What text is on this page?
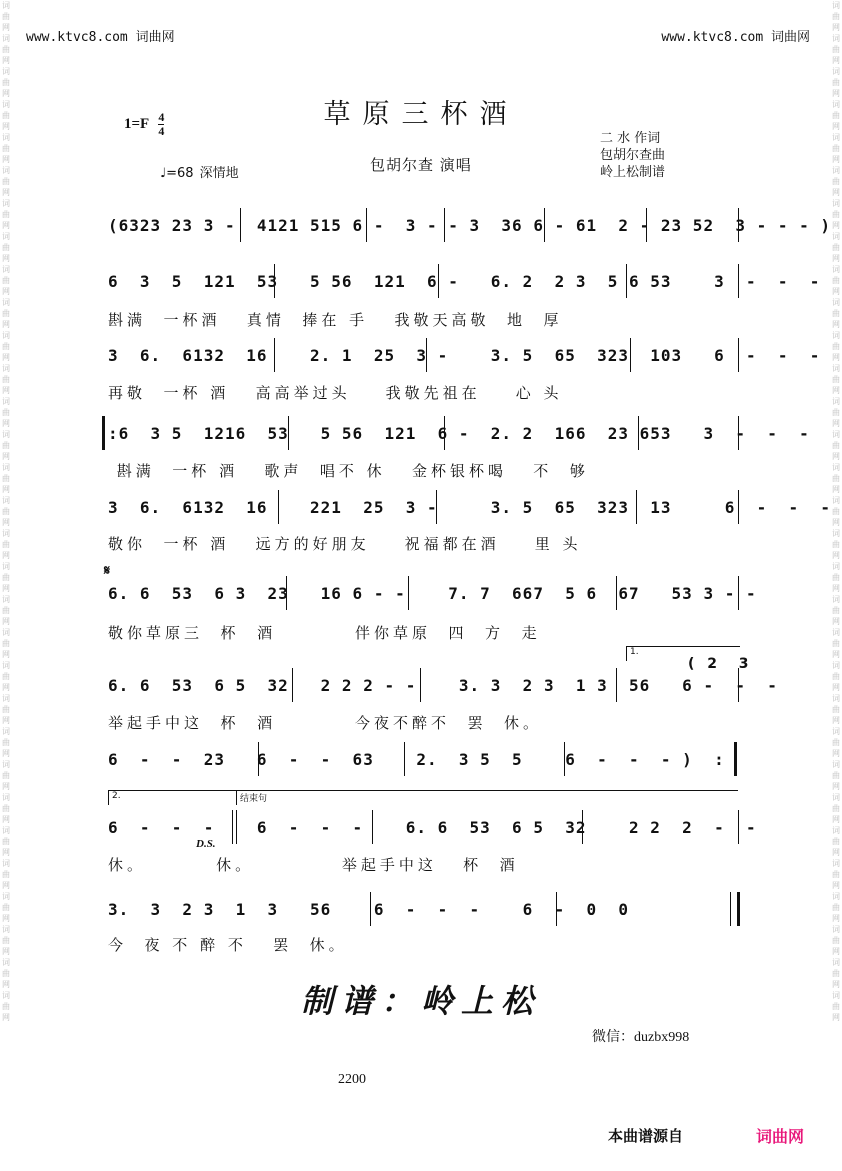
词曲网词曲网词曲网词曲网词曲网词曲网词曲网词曲网词曲网词曲网词曲网词曲网词曲网词曲网词曲网词曲网词曲网词曲网词曲网词曲网词曲网词曲网词曲网词曲网词曲网词曲网词曲网词曲网词曲网词曲网词曲网
词曲网词曲网词曲网词曲网词曲网词曲网词曲网词曲网词曲网词曲网词曲网词曲网词曲网词曲网词曲网词曲网词曲网词曲网词曲网词曲网词曲网词曲网词曲网词曲网词曲网词曲网词曲网词曲网词曲网词曲网词曲网
www.ktvc8.com 词曲网	www.ktvc8.com 词曲网
草原三杯酒
$1=F \frac{4}{4}$
♩=68 深情地	包胡尔查 演唱
二 水 作词
包胡尔查曲
岭上松制谱
(6323 23 3 -  4121 515 6 -  3 - - 3  36 6 - 61  2 - 23 52  3 - - - )
6  3  5  121  53   5 56  121  6 -   6. 2  2 3  5 6 53    3  -  -  -
斟满  一杯酒   真情  捧在 手   我敬天高敬  地  厚
3  6.  6132  16    2. 1  25  3 -    3. 5  65  323  103   6  -  -  -
再敬  一杯 酒   高高举过头    我敬先祖在    心 头
:6  3 5  1216  53   5 56  121  6 -  2. 2  166  23 653   3  -  -  -
斟满  一杯 酒   歌声  唱不 休   金杯银杯喝   不  够
3  6.  6132  16    221  25  3 -     3. 5  65  323  13     6  -  -  -
敬你  一杯 酒   远方的好朋友    祝福都在酒    里 头
𝄋
6. 6  53  6 3  23   16 6 - -    7. 7  667  5 6  67   53 3 - -
敬你草原三  杯  酒         伴你草原  四  方  走
1.
( 2  3
6. 6  53  6 5  32   2 2 2 - -    3. 3  2 3  1 3  56   6 -  -  -
举起手中这  杯  酒         今夜不醉不  罢  休。
6  -  -  23   6  -  -  63    2.  3 5  5    6  -  -  - )  :
2.	结束句
6  -  -  -    6  -  -  -    6. 6  53  6 5  32    2 2  2  -  -
D.S.
休。        休。          举起手中这   杯  酒
3.  3  2 3  1  3   56    6  -  -  -    6  -  0  0
今  夜 不 醉 不   罢  休。
制谱：岭上松
微信：duzbx998
2200
本曲谱源自	词曲网
